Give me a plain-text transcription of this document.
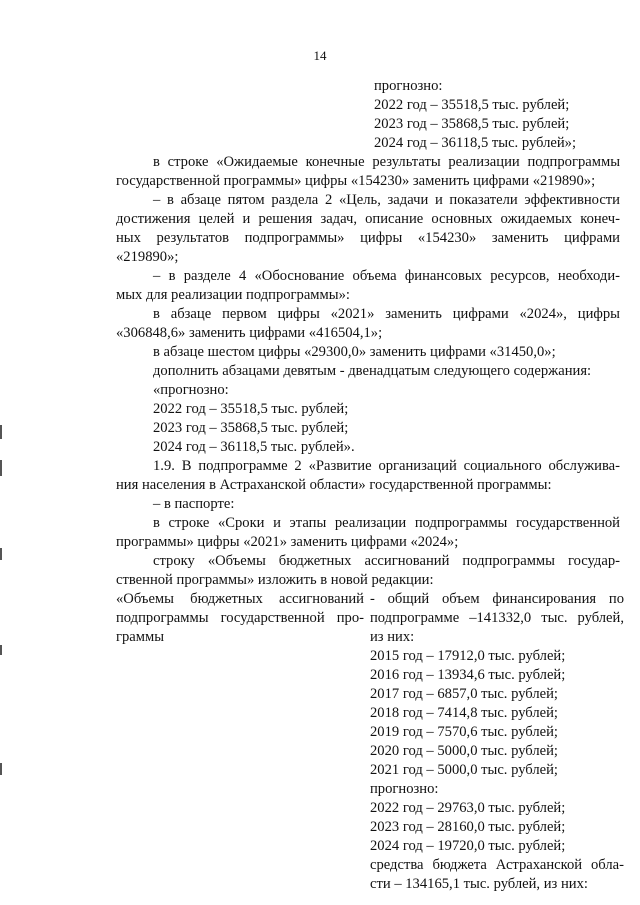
14
прогнозно:
2022 год – 35518,5 тыс. рублей;
2023 год – 35868,5 тыс. рублей;
2024 год – 36118,5 тыс. рублей»;
в строке «Ожидаемые конечные результаты реализации подпрограммы
государственной программы» цифры «154230» заменить цифрами «219890»;
– в абзаце пятом раздела 2 «Цель, задачи и показатели эффективности
достижения целей и решения задач, описание основных ожидаемых конеч-
ных результатов подпрограммы» цифры «154230» заменить цифрами
«219890»;
– в разделе 4 «Обоснование объема финансовых ресурсов, необходи-
мых для реализации подпрограммы»:
в абзаце первом цифры «2021» заменить цифрами «2024», цифры
«306848,6» заменить цифрами «416504,1»;
в абзаце шестом цифры «29300,0» заменить цифрами «31450,0»;
дополнить абзацами девятым - двенадцатым следующего содержания:
«прогнозно:
2022 год – 35518,5 тыс. рублей;
2023 год – 35868,5 тыс. рублей;
2024 год – 36118,5 тыс. рублей».
1.9. В подпрограмме 2 «Развитие организаций социального обслужива-
ния населения в Астраханской области» государственной программы:
– в паспорте:
в строке «Сроки и этапы реализации подпрограммы государственной
программы» цифры «2021» заменить цифрами «2024»;
строку «Объемы бюджетных ассигнований подпрограммы государ-
ственной программы» изложить в новой редакции:
«Объемы бюджетных ассигнований
подпрограммы государственной про-
граммы
- общий объем финансирования по
подпрограмме –141332,0 тыс. рублей,
из них:
2015 год – 17912,0 тыс. рублей;
2016 год – 13934,6 тыс. рублей;
2017 год – 6857,0 тыс. рублей;
2018 год – 7414,8 тыс. рублей;
2019 год – 7570,6 тыс. рублей;
2020 год – 5000,0 тыс. рублей;
2021 год – 5000,0 тыс. рублей;
прогнозно:
2022 год – 29763,0 тыс. рублей;
2023 год – 28160,0 тыс. рублей;
2024 год – 19720,0 тыс. рублей;
средства бюджета Астраханской обла-
сти – 134165,1 тыс. рублей, из них:
